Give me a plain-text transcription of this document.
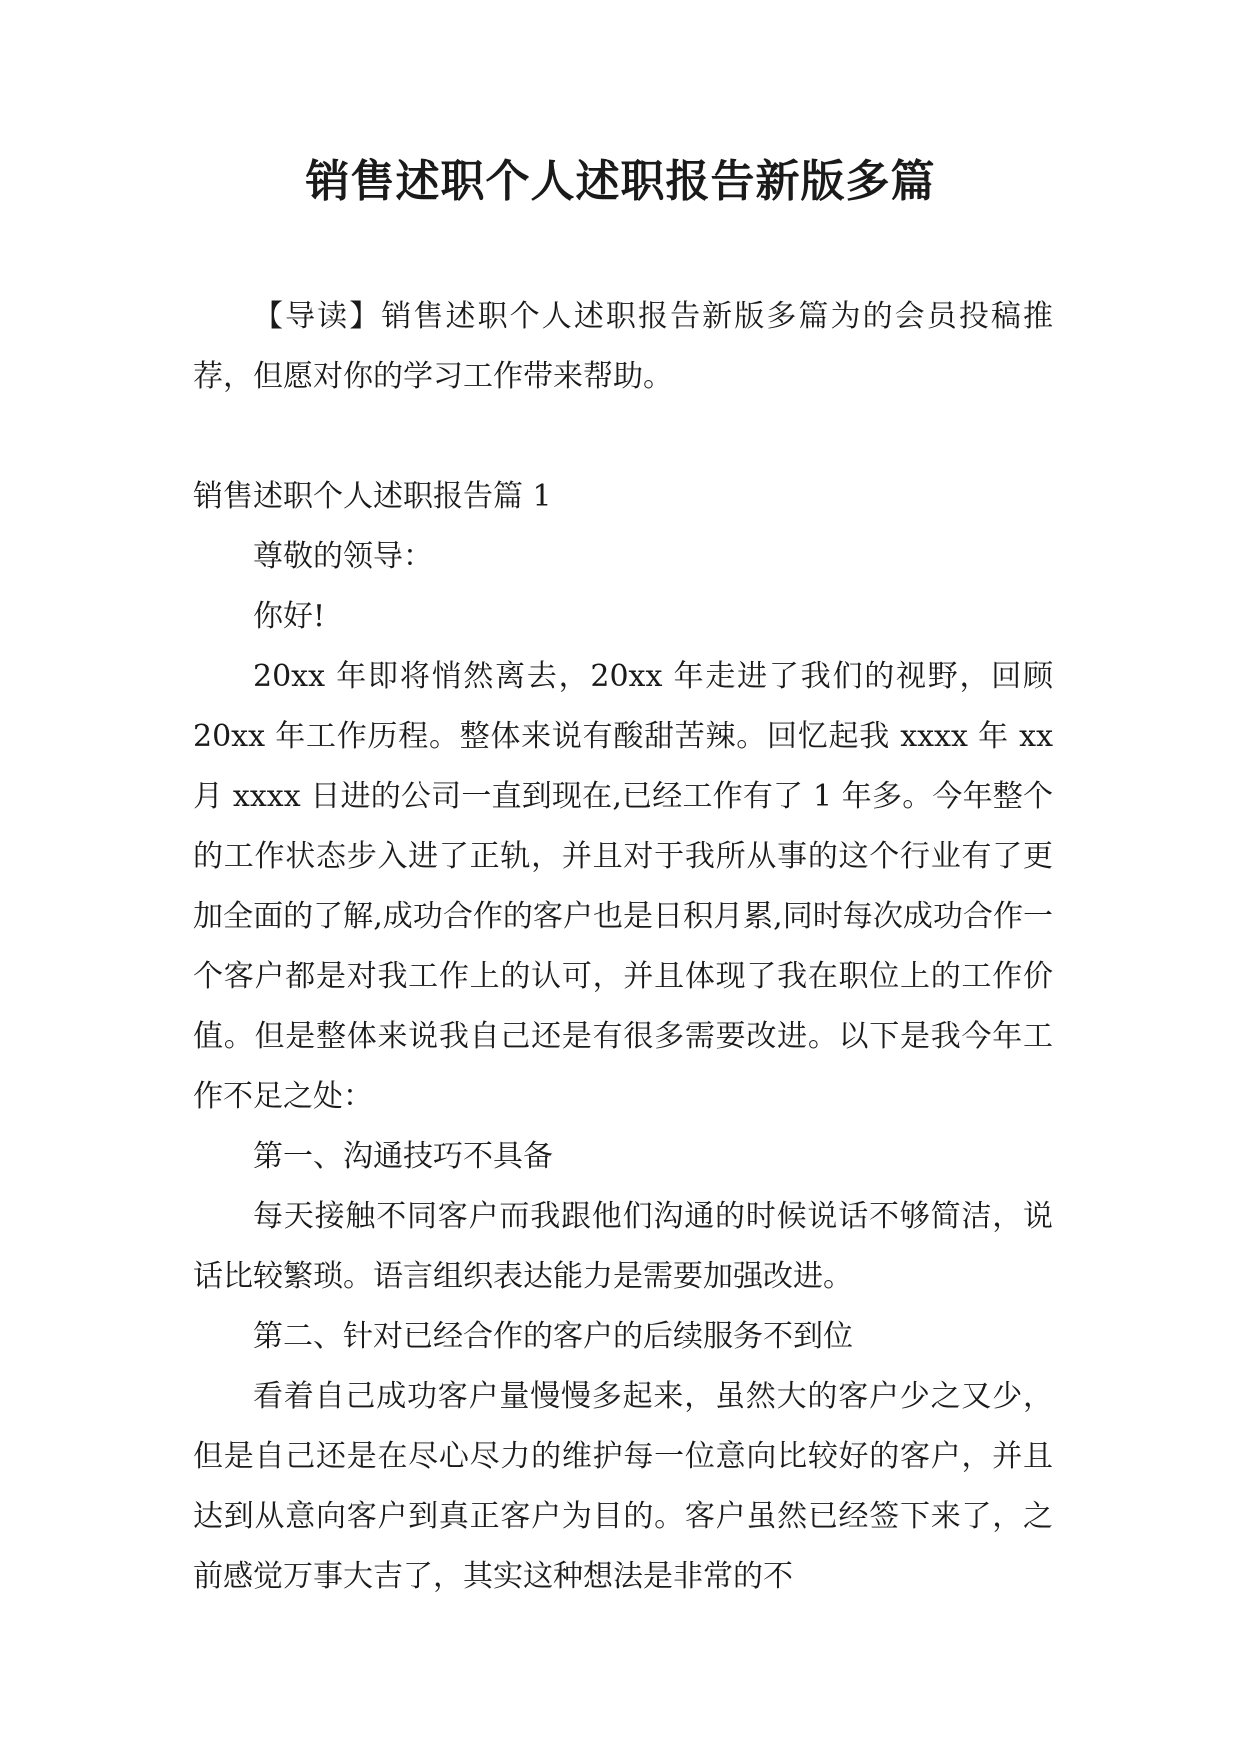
销售述职个人述职报告新版多篇

【导读】销售述职个人述职报告新版多篇为的会员投稿推荐，但愿对你的学习工作带来帮助。

销售述职个人述职报告篇 1

尊敬的领导：

你好!

20xx 年即将悄然离去，20xx 年走进了我们的视野，回顾 20xx 年工作历程。整体来说有酸甜苦辣。回忆起我 xxxx 年 xx 月 xxxx 日进的公司一直到现在,已经工作有了 1 年多。今年整个的工作状态步入进了正轨，并且对于我所从事的这个行业有了更加全面的了解,成功合作的客户也是日积月累,同时每次成功合作一个客户都是对我工作上的认可，并且体现了我在职位上的工作价值。但是整体来说我自己还是有很多需要改进。以下是我今年工作不足之处：

第一、沟通技巧不具备

每天接触不同客户而我跟他们沟通的时候说话不够简洁，说话比较繁琐。语言组织表达能力是需要加强改进。

第二、针对已经合作的客户的后续服务不到位

看着自己成功客户量慢慢多起来，虽然大的客户少之又少，但是自己还是在尽心尽力的维护每一位意向比较好的客户，并且达到从意向客户到真正客户为目的。客户虽然已经签下来了，之前感觉万事大吉了，其实这种想法是非常的不
